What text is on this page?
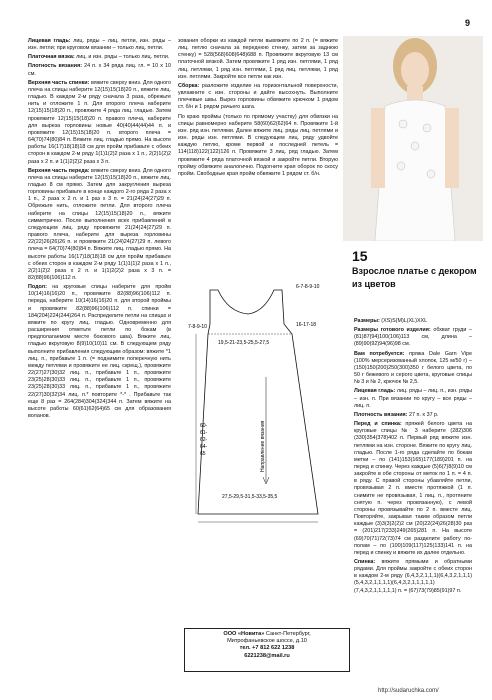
9

Лицевая гладь: лиц. ряды – лиц. петли, изн. ряды – изн. петли; при круговом вязании – только лиц. петли.

Платочная вязка: лиц. и изн. ряды – только лиц. петли.

Плотность вязания: 24 п. х 34 ряда лиц. гл. = 10 х 10 см.

Верхняя часть спинки: вяжите сверху вниз. Для одного плеча на спицы наберите 12(15)15(18)20 п., вяжите лиц. гладью. В каждом 2-м ряду сначала 3 раза, обрежьте нить и отложите 1 п. Для второго плеча наберите 12(15)15(18)20 п., провяжите 4 ряда лиц. гладью. Затем провяжите 12(15)15(18)20 п. правого плеча, наберите для выреза горловины новые 40(40)44(44)44 п. и провяжите 12(15)15(18)20 п. второго плеча = 64(70)74(80)84 п. Вяжите лиц. гладью прямо. На высоте работы 16(17)18(18)18 см для пройм прибавьте с обеих сторон в каждом 2-м ряду 1(1)1(2)2 раза х 1 п., 2(2)1(2)2 раза х 2 п. и 1(1)2(2)2 раза х 3 п.

Верхняя часть переда: вяжите сверху вниз. Для одного плеча на спицы наберите 12(15)15(18)20 п., вяжите лиц. гладью 8 см прямо. Затем для закругления выреза горловины прибавьте в конце каждого 2-го ряда 2 раза х 1 п., 2 раза х 2 п. и 1 раз х 3 п. = 21(24)24(27)29 п. Обрежьте нить, отложите петли. Для второго плеча наберите на спицы 12(15)15(18)20 п., вяжите симметрично. После выполнения всех прибавлений в следующем лиц. ряду провяжите 21(24)24(27)29 п. правого плеча, наберите для выреза горловины 22(22)26(26)26 п. и провяжите 21(24)24(27)29 п. левого плеча = 64(70)74(80)84 п. Вяжите лиц. гладью прямо. На высоте работы 16(17)18(18)18 см для пройм прибавьте с обеих сторон в каждом 2-м ряду 1(1)1(1)2 раза х 1 п., 2(2)1(2)2 раза х 2 п. и 1(1)2(2)2 раза х 3 п. = 82(88)96(106)112 п.

Подол: на круговые спицы наберите для пройм 10(14)16(16)20 п., провяжите 82(88)96(106)112 п. переда, наберите 10(14)16(16)20 п. для второй проймы и провяжите 82(88)96(106)112 п. спинки = 184(204)224(244)264 п. Распределите петли на спицах и вяжите по кругу лиц. гладью. Одновременно для расширения отметьте петли по бокам (в предполагаемом месте бокового шва). Вяжите лиц. гладью вкруговую 8(9)10(10)11 см. В следующем ряду выполните прибавления следующим образом: вяжите *1 лиц. п., прибавьте 1 п. (= поднимите поперечную нить между петлями и провяжите ее лиц. скрещ.), провяжите 22(27)27(30)32 лиц. п., прибавьте 1 п., провяжите 23(25)28(30)33 лиц. п., прибавьте 1 п., провяжите 23(25)28(30)33 лиц. п., прибавьте 1 п., провяжите 22(27)30(32)34 лиц. п.* повторите *-* . Прибавьте так еще 8 раз = 264(284)304(324)344 п. Затем вяжите на высоте работы 60(61)62(64)65 см для образования воланов.

зования оборки из каждой петли вывяжите по 2 п. (= вяжите лиц. петлю сначала за переднюю стенку, затем за заднюю стенку) = 528(568)608(648)688 п. Провяжите вкруговую 13 см платочной вязкой. Затем провяжите 1 ряд изн. петлями, 1 ряд лиц. петлями, 1 ряд изн. петлями, 1 ряд лиц. петлями, 1 ряд изн. петлями. Закройте все петли как изн.

Сборка: разложите изделие на горизонтальной поверхности, увлажните с изн. стороны и дайте высохнуть. Выполните плечевые швы. Вырез горловины обвяжите крючком 1 рядом ст. б/н и 1 рядом рачьего шага.

По краю проймы (только по прямому участку) для обвязки на спицы равномерно наберите 58(60)62(62)64 п. Провяжите 1-й изн. ряд изн. петлями. Далее вяжите лиц. ряды лиц. петлями и изн. ряды изн. петлями. В следующем лиц. ряду удвойте каждую петлю, кроме первой и последней петель = 114(118)122(122)126 п. Провяжите 3 лиц. ряд гладью. Затем провяжите 4 ряда платочной вязкой и закройте петли. Вторую пройму обвяжите аналогично. Подогните края оборок по скосу пройм. Свободные края пройм обвяжите 1 рядом ст. б/н.

15
Взрослое платье с декором
из цветов

Размеры: (XS)S(M)L(XL)XXL

Размеры готового изделия: обхват груди – (81)87(94)100(106)113 см, длина – (89)90(92)94(96)98 см.

Вам потребуется: пряжа Dale Garn Vipe (100% мерсеризованный хлопок, 125 м/50 г) –(150)150(200)250(300)350 г белого цвета, по 50 г бежевого и серого цвета, круговые спицы № 3 и № 2, крючок № 2,5.

Лицевая гладь: лиц. ряды – лиц. п., изн. ряды – изн. п. При вязании по кругу – все ряды – лиц. п.

Плотность вязания: 27 п. x 37 р.

Перед и спинка: пряжей белого цвета на круговые спицы № 3 наберите (282)306 (330)354(378)402 п. Первый ряд вяжите изн. петлями на изн. стороне. Вяжите по кругу лиц. гладью. После 1-го ряда сделайте по бокам метки – по (141)153(165)177(189)201 п. на перед и спинку. Через каждые (5)6(7)8(9)10 см закройте в обе стороны от меток по 1 п. = 4 п. в ряду. С правой стороны убавляйте петли, провязывая 2 п. вместе протяжкой (1 п. снимите не провязывая, 1 лиц. п., протяните снятую п. через провязанную), с левой стороны провязывайте по 2 п. вместе лиц. Повторяйте, закрывая таким образом петли каждые (3)3(3)2(2)2 см (20)22(24)26(28)30 раз = (201)217(233)249(265)281 п. На высоте (69)70(71)72(73)74 см разделите работу по-полам – по (100)109(117)125(133)141 п. на перед и спинку и вяжите их далее отдельно.

Спинка: вяжите прямыми и обратными рядами. Для проймы закройте с обеих сторон в каждом 2-м ряду (6,4,3,2,1,1,1)(6,4,3,2,1,1,1) (5,4,3,2,1,1,1,1)(6,4,3,2,1,1,1,1,1)(7,4,3,2,1,1,1,1,1) п. = (67)73(79)85(91)97 п.

6-7-8-9-10
7-8-9-10
19,5-21-23,5-25,5-27,5
16-17-18
Направление вязания
60-
61-
62-
64-
65
27,5-29,5-31,5-33,5-35,5
ООО «Новита» Санкт-Петербург,
Митрофаньевское шоссе, д.10
тел. +7 812 622 1238
6221238@mail.ru
http://sudaruchka.com/
